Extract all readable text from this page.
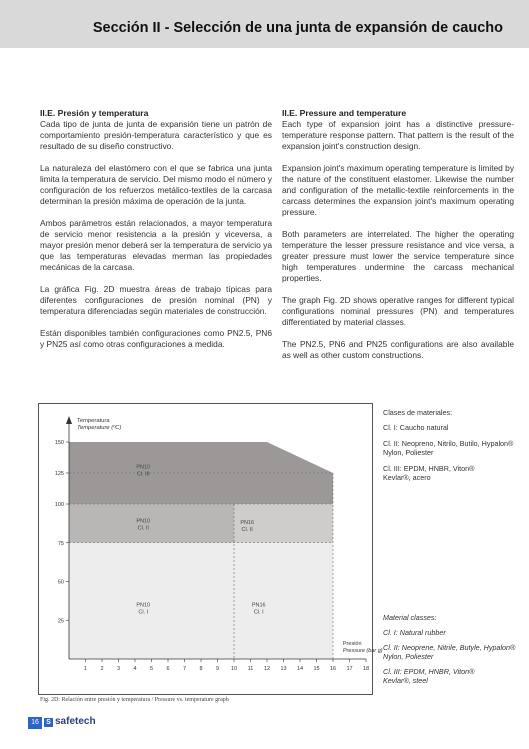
Sección II - Selección de una junta de expansión de caucho
II.E. Presión y temperatura

Cada tipo de junta de junta de expansión tiene un patrón de comportamiento presión-temperatura característico y que es resultado de su diseño constructivo.

La naturaleza del elastómero con el que se fabrica una junta limita la temperatura de servicio. Del mismo modo el número y configuración de los refuerzos metálico-textiles de la carcasa determinan la presión máxima de operación de la junta.

Ambos parámetros están relacionados, a mayor temperatura de servicio menor resistencia a la presión y viceversa, a mayor presión menor deberá ser la temperatura de servicio ya que las temperaturas elevadas merman las propiedades mecánicas de la carcasa.

La gráfica Fig. 2D muestra áreas de trabajo típicas para diferentes configuraciones de presión nominal (PN) y temperatura diferenciadas según materiales de construcción.

Están disponibles también configuraciones como PN2.5, PN6 y PN25 así como otras configuraciones a medida.

II.E. Pressure and temperature

Each type of expansion joint has a distinctive pressure-temperature response pattern. That pattern is the result of the expansion joint's construction design.

Expansion joint's maximum operating temperature is limited by the nature of the constituent elastomer. Likewise the number and configuration of the metallic-textile reinforcements in the carcass determines the expansion joint's maximum operating pressure.

Both parameters are interrelated. The higher the operating temperature the lesser pressure resistance and vice versa, a greater pressure must lower the service temperature since high temperatures undermine the carcass mechanical properties.

The graph Fig. 2D shows operative ranges for different typical configurations nominal pressures (PN) and temperatures differentiated by material classes.

The PN2.5, PN6 and PN25 configurations are also available as well as other custom constructions.

25
50
75
100
125
150
1 2 3 4 5 6 7 8 9 10 11 12 13 14 15 16 17 18
Temperatura
Temperature (ºC)
Presión
Pressure (bar g)
PN10
Cl. III
PN10
Cl. II
PN16
Cl. II
PN10
Cl. I
PN16
Cl. I
Fig. 2D: Relación entre presión y temperatura / Pressure vs. temperature graph
Clases de materiales:
Cl. I: Caucho natural
Cl. II: Neopreno, Nitrilo, Butilo, Hypalon®
Nylon, Poliester
Cl. III: EPDM, HNBR, Viton®
Kevlar®, acero
Material classes:
Cl. I: Natural rubber
Cl. II: Neoprene, Nitrile, Butyle, Hypalon®
Nylon, Poliester
Cl. III: EPDM, HNBR, Viton®
Kevlar®, steel
16	S safetech
